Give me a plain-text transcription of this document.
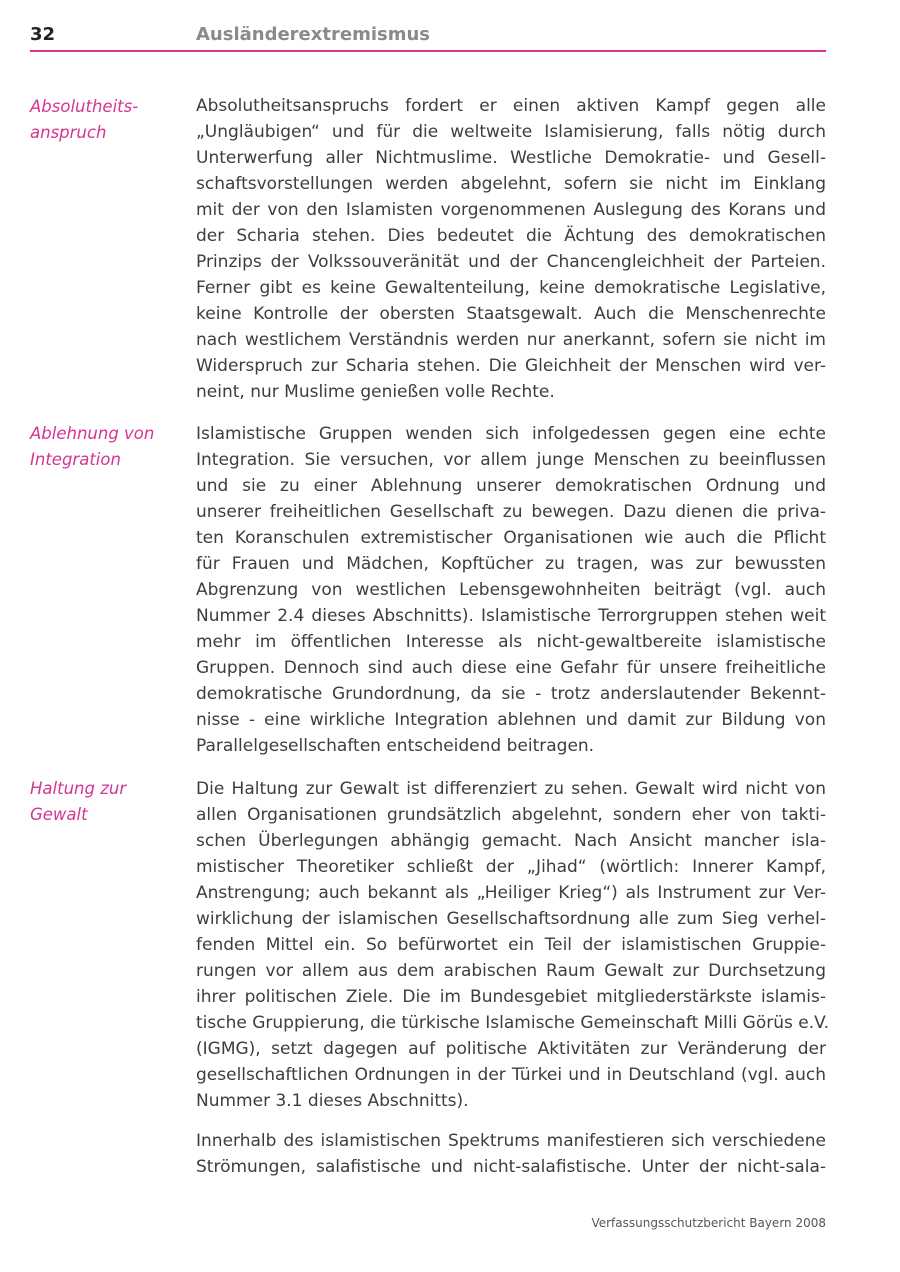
32	Ausländerextremismus
Absolutheits-
anspruch

Absolutheitsanspruchs fordert er einen aktiven Kampf gegen alle
„Ungläubigen“ und für die weltweite Islamisierung, falls nötig durch
Unterwerfung aller Nichtmuslime. Westliche Demokratie- und Gesell-
schaftsvorstellungen werden abgelehnt, sofern sie nicht im Einklang
mit der von den Islamisten vorgenommenen Auslegung des Korans und
der Scharia stehen. Dies bedeutet die Ächtung des demokratischen
Prinzips der Volkssouveränität und der Chancengleichheit der Parteien.
Ferner gibt es keine Gewaltenteilung, keine demokratische Legislative,
keine Kontrolle der obersten Staatsgewalt. Auch die Menschenrechte
nach westlichem Verständnis werden nur anerkannt, sofern sie nicht im
Widerspruch zur Scharia stehen. Die Gleichheit der Menschen wird ver-
neint, nur Muslime genießen volle Rechte.

Ablehnung von
Integration

Islamistische Gruppen wenden sich infolgedessen gegen eine echte
Integration. Sie versuchen, vor allem junge Menschen zu beeinflussen
und sie zu einer Ablehnung unserer demokratischen Ordnung und
unserer freiheitlichen Gesellschaft zu bewegen. Dazu dienen die priva-
ten Koranschulen extremistischer Organisationen wie auch die Pflicht
für Frauen und Mädchen, Kopftücher zu tragen, was zur bewussten
Abgrenzung von westlichen Lebensgewohnheiten beiträgt (vgl. auch
Nummer 2.4 dieses Abschnitts). Islamistische Terrorgruppen stehen weit
mehr im öffentlichen Interesse als nicht-gewaltbereite islamistische
Gruppen. Dennoch sind auch diese eine Gefahr für unsere freiheitliche
demokratische Grundordnung, da sie - trotz anderslautender Bekennt-
nisse - eine wirkliche Integration ablehnen und damit zur Bildung von
Parallelgesellschaften entscheidend beitragen.

Haltung zur
Gewalt

Die Haltung zur Gewalt ist differenziert zu sehen. Gewalt wird nicht von
allen Organisationen grundsätzlich abgelehnt, sondern eher von takti-
schen Überlegungen abhängig gemacht. Nach Ansicht mancher isla-
mistischer Theoretiker schließt der „Jihad“ (wörtlich: Innerer Kampf,
Anstrengung; auch bekannt als „Heiliger Krieg“) als Instrument zur Ver-
wirklichung der islamischen Gesellschaftsordnung alle zum Sieg verhel-
fenden Mittel ein. So befürwortet ein Teil der islamistischen Gruppie-
rungen vor allem aus dem arabischen Raum Gewalt zur Durchsetzung
ihrer politischen Ziele. Die im Bundesgebiet mitgliederstärkste islamis-
tische Gruppierung, die türkische Islamische Gemeinschaft Milli Görüs e.V.
(IGMG), setzt dagegen auf politische Aktivitäten zur Veränderung der
gesellschaftlichen Ordnungen in der Türkei und in Deutschland (vgl. auch
Nummer 3.1 dieses Abschnitts).

Innerhalb des islamistischen Spektrums manifestieren sich verschiedene
Strömungen, salafistische und nicht-salafistische. Unter der nicht-sala-

Verfassungsschutzbericht Bayern 2008
